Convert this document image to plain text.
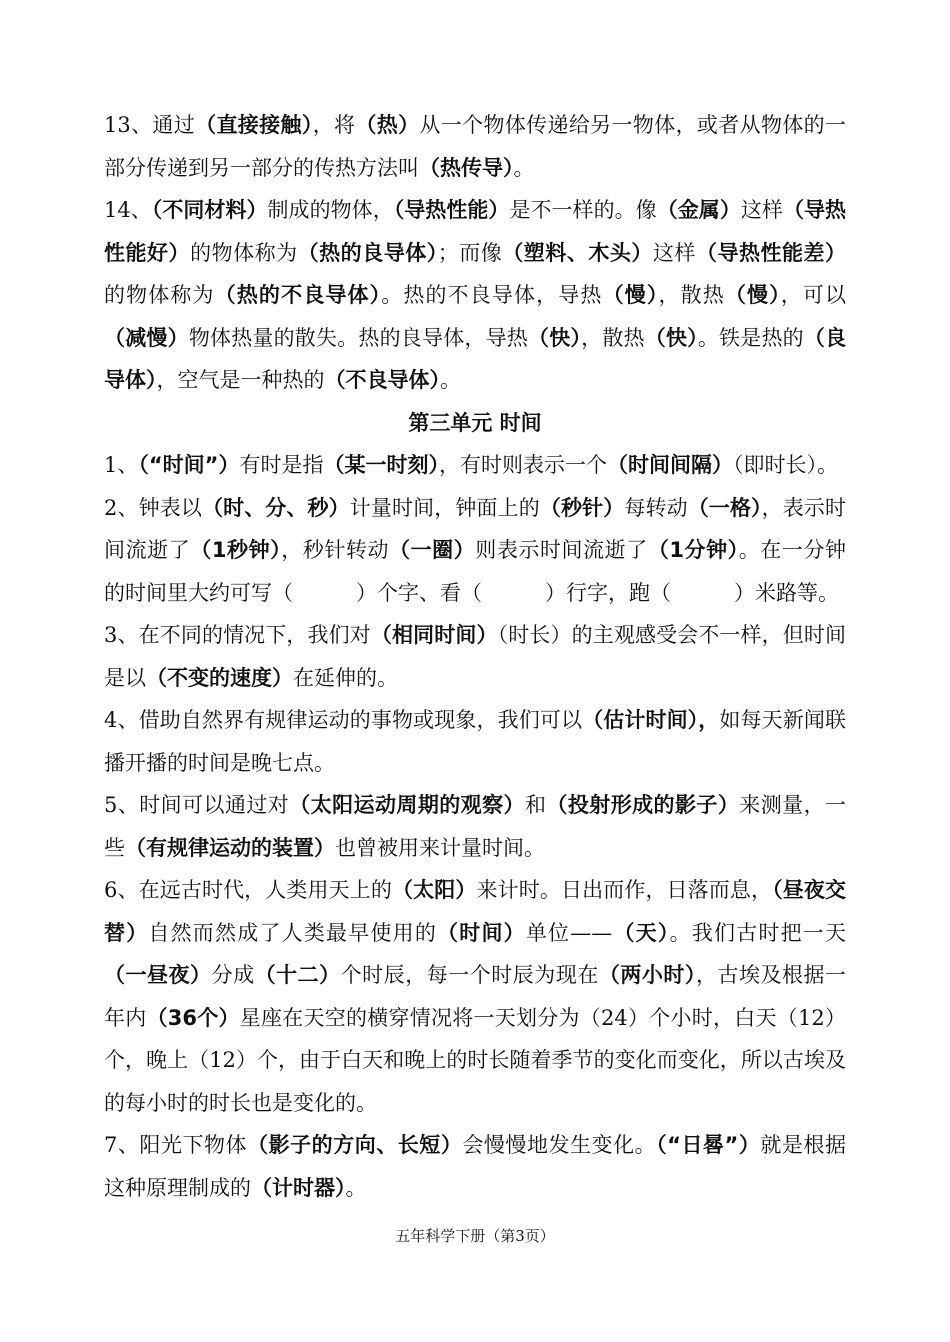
13、通过（直接接触），将（热）从一个物体传递给另一物体，或者从物体的一部分传递到另一部分的传热方法叫（热传导）。

14、（不同材料）制成的物体，（导热性能）是不一样的。像（金属）这样（导热性能好）的物体称为（热的良导体）；而像（塑料、木头）这样（导热性能差）的物体称为（热的不良导体）。热的不良导体，导热（慢），散热（慢），可以（减慢）物体热量的散失。热的良导体，导热（快），散热（快）。铁是热的（良导体），空气是一种热的（不良导体）。

第三单元 时间

1、（“时间”）有时是指（某一时刻），有时则表示一个（时间间隔）（即时长）。

2、钟表以（时、分、秒）计量时间，钟面上的（秒针）每转动（一格），表示时间流逝了（1秒钟），秒针转动（一圈）则表示时间流逝了（1分钟）。在一分钟的时间里大约可写（　　　）个字、看（　　　）行字，跑（　　　）米路等。

3、在不同的情况下，我们对（相同时间）（时长）的主观感受会不一样，但时间是以（不变的速度）在延伸的。

4、借助自然界有规律运动的事物或现象，我们可以（估计时间），如每天新闻联播开播的时间是晚七点。

5、时间可以通过对（太阳运动周期的观察）和（投射形成的影子）来测量，一些（有规律运动的装置）也曾被用来计量时间。

6、在远古时代，人类用天上的（太阳）来计时。日出而作，日落而息，（昼夜交替）自然而然成了人类最早使用的（时间）单位——（天）。我们古时把一天（一昼夜）分成（十二）个时辰，每一个时辰为现在（两小时），古埃及根据一年内（36个）星座在天空的横穿情况将一天划分为（24）个小时，白天（12）个，晚上（12）个，由于白天和晚上的时长随着季节的变化而变化，所以古埃及的每小时的时长也是变化的。

7、阳光下物体（影子的方向、长短）会慢慢地发生变化。（“日晷”）就是根据这种原理制成的（计时器）。

五年科学下册（第3页）
